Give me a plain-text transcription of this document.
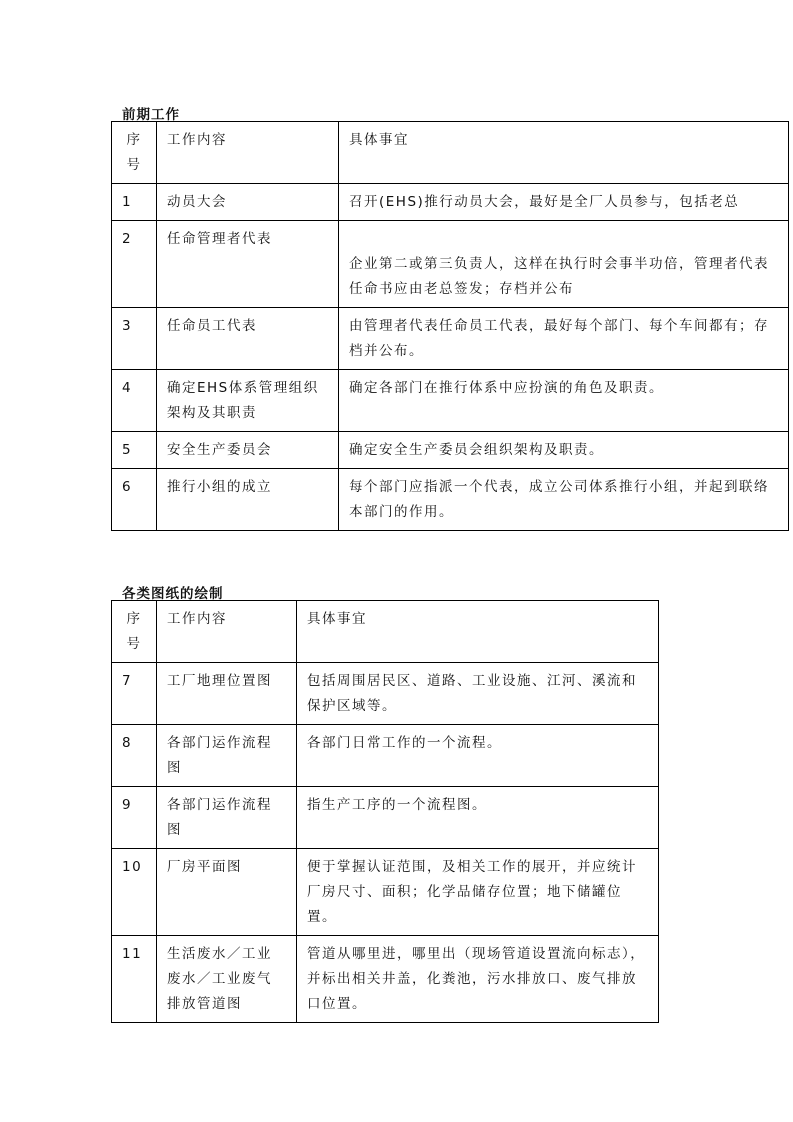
前期工作
序号	工作内容	具体事宜
1	动员大会	召开(EHS)推行动员大会，最好是全厂人员参与，包括老总
2	任命管理者代表	企业第二或第三负责人，这样在执行时会事半功倍，管理者代表任命书应由老总签发；存档并公布
3	任命员工代表	由管理者代表任命员工代表，最好每个部门、每个车间都有；存档并公布。
4	确定EHS体系管理组织架构及其职责	确定各部门在推行体系中应扮演的角色及职责。
5	安全生产委员会	确定安全生产委员会组织架构及职责。
6	推行小组的成立	每个部门应指派一个代表，成立公司体系推行小组，并起到联络本部门的作用。
各类图纸的绘制
序号	工作内容	具体事宜
7	工厂地理位置图	包括周围居民区、道路、工业设施、江河、溪流和保护区域等。
8	各部门运作流程图	各部门日常工作的一个流程。
9	各部门运作流程图	指生产工序的一个流程图。
10	厂房平面图	便于掌握认证范围，及相关工作的展开，并应统计厂房尺寸、面积；化学品储存位置；地下储罐位置。
11	生活废水／工业废水／工业废气排放管道图	管道从哪里进，哪里出（现场管道设置流向标志），并标出相关井盖，化粪池，污水排放口、废气排放口位置。
